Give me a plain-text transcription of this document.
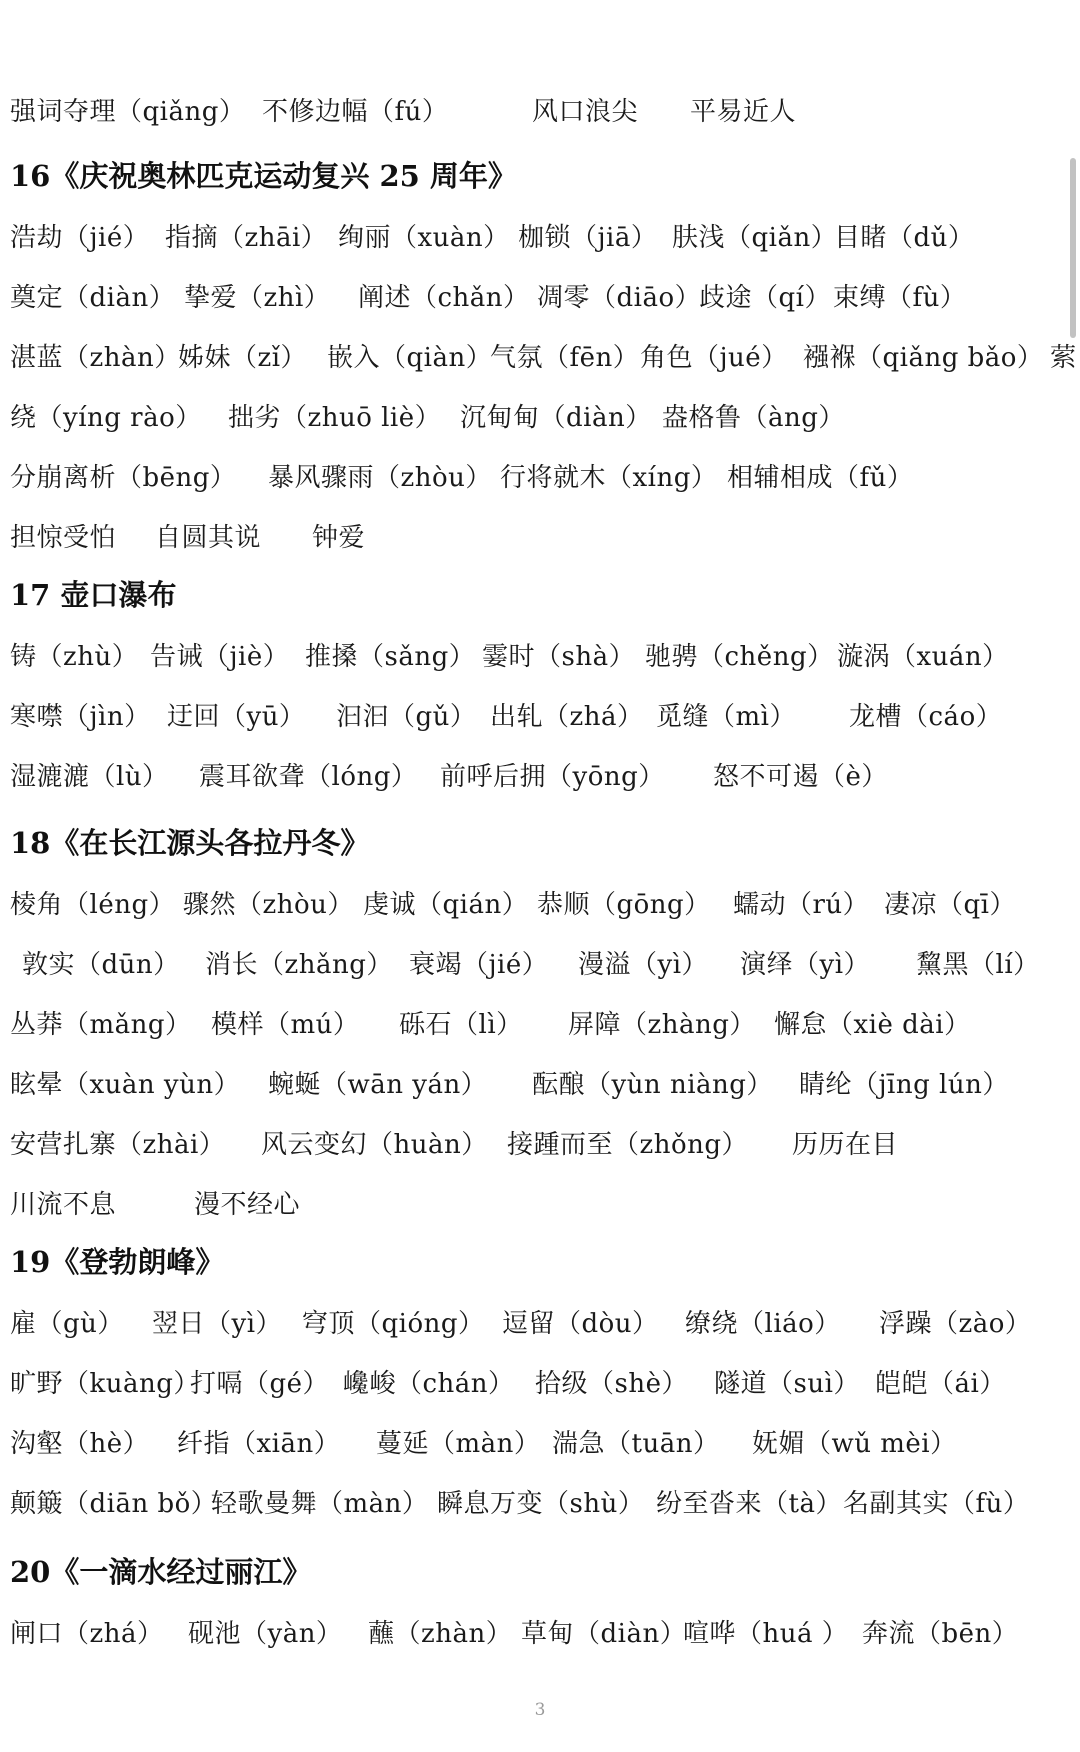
3
强词夺理（qiǎng） 不修边幅（fú）	风口浪尖 平易近人
16《庆祝奥林匹克运动复兴 25 周年》
浩劫（jié） 指摘（zhāi） 绚丽（xuàn） 枷锁（jiā） 肤浅（qiǎn）
目睹（dǔ）
奠定（diàn） 挚爱（zhì） 阐述（chǎn） 凋零（diāo）
歧途（qí） 束缚（fù）
湛蓝（zhàn）
姊妹（zǐ） 嵌入（qiàn）
气氛（fēn） 角色（jué） 襁褓（qiǎng bǎo） 萦
绕（yíng rào） 拙劣（zhuō liè） 沉甸甸（diàn） 盎格鲁（àng）
分崩离析（bēng） 暴风骤雨（zhòu） 行将就木（xíng） 相辅相成（fǔ）
担惊受怕 自圆其说 钟爱
17 壶口瀑布
铸（zhù） 告诫（jiè） 推搡（sǎng） 霎时（shà） 驰骋（chěng） 漩涡（xuán）
寒噤（jìn） 迂回（yū） 汩汩（gǔ） 出轧（zhá） 觅缝（mì） 龙槽（cáo）
湿漉漉（lù） 震耳欲聋（lóng） 前呼后拥（yōng） 怒不可遏（è）
18《在长江源头各拉丹冬》
棱角（léng） 骤然（zhòu） 虔诚（qián） 恭顺（gōng） 蠕动（rú） 凄凉（qī）
敦实（dūn） 消长（zhǎng） 衰竭（jié） 漫溢（yì） 演绎（yì） 黧黑（lí）
丛莽（mǎng） 模样（mú） 砾石（lì） 屏障（zhàng） 懈怠（xiè dài）
眩晕（xuàn yùn） 蜿蜒（wān yán） 酝酿（yùn niàng） 睛纶（jīng lún）
安营扎寨（zhài） 风云变幻（huàn） 接踵而至（zhǒng） 历历在目
川流不息	漫不经心
19《登勃朗峰》
雇（gù） 翌日（yì） 穹顶（qióng） 逗留（dòu） 缭绕（liáo） 浮躁（zào）
旷野（kuàng）
打嗝（gé） 巉峻（chán） 拾级（shè） 隧道（suì） 皑皑（ái）
沟壑（hè） 纤指（xiān） 蔓延（màn） 湍急（tuān） 妩媚（wǔ mèi）
颠簸（diān bǒ）
轻歌曼舞（màn） 瞬息万变（shù） 纷至沓来（tà） 名副其实（fù）
20《一滴水经过丽江》
闸口（zhá） 砚池（yàn） 蘸（zhàn） 草甸（diàn）
喧哗（huá ） 奔流（bēn）
